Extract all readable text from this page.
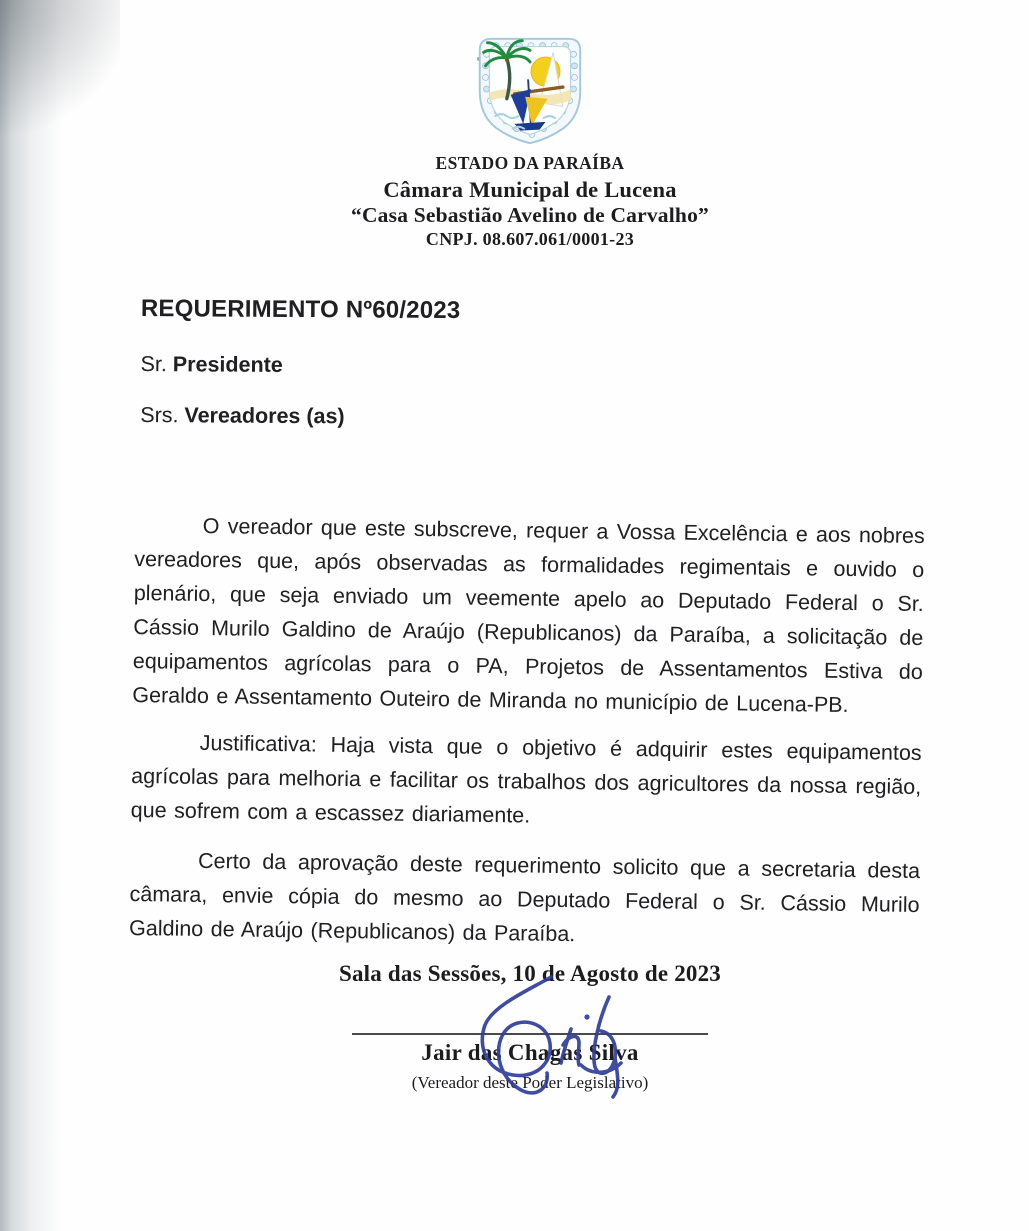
ESTADO DA PARAÍBA
Câmara Municipal de Lucena
“Casa Sebastião Avelino de Carvalho”
CNPJ. 08.607.061/0001-23
REQUERIMENTO Nº60/2023
Sr. Presidente
Srs. Vereadores (as)

O vereador que este subscreve, requer a Vossa Excelência e aos nobres vereadores que, após observadas as formalidades regimentais e ouvido o plenário, que seja enviado um veemente apelo ao Deputado Federal o Sr. Cássio Murilo Galdino de Araújo (Republicanos) da Paraíba, a solicitação de equipamentos agrícolas para o PA, Projetos de Assentamentos Estiva do Geraldo e Assentamento Outeiro de Miranda no município de Lucena-PB.

Justificativa: Haja vista que o objetivo é adquirir estes equipamentos agrícolas para melhoria e facilitar os trabalhos dos agricultores da nossa região, que sofrem com a escassez diariamente.

Certo da aprovação deste requerimento solicito que a secretaria desta câmara, envie cópia do mesmo ao Deputado Federal o Sr. Cássio Murilo Galdino de Araújo (Republicanos) da Paraíba.

Sala das Sessões, 10 de Agosto de 2023
Jair das Chagas Silva
(Vereador deste Poder Legislativo)
